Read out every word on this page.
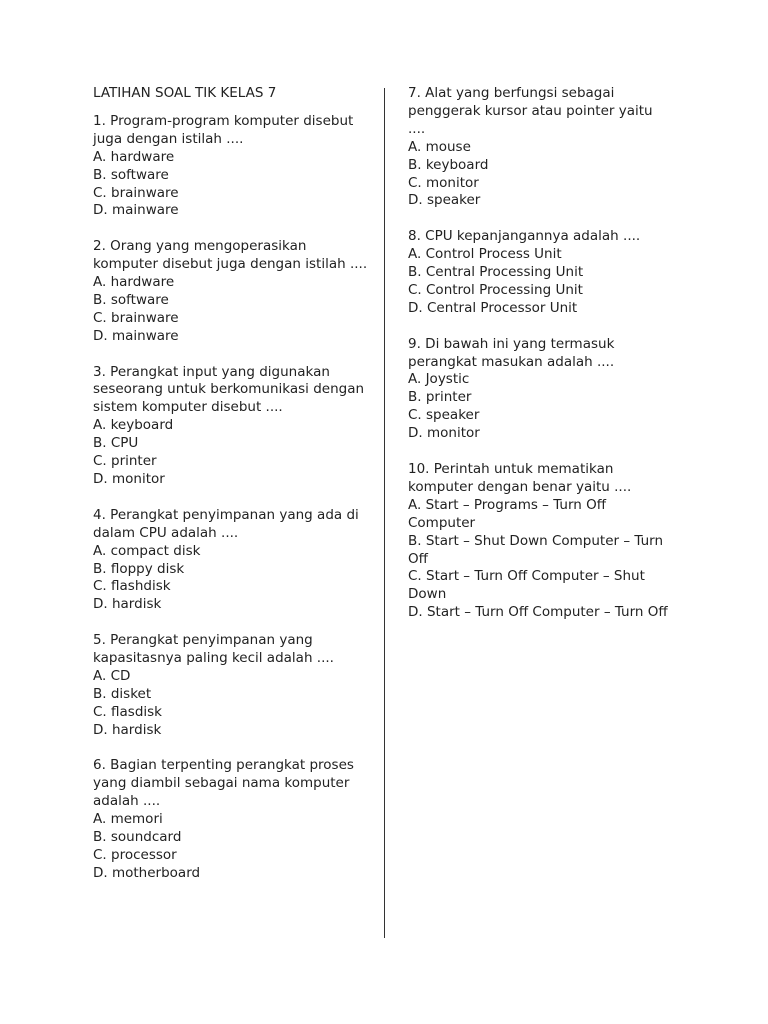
LATIHAN SOAL TIK KELAS 7

1. Program-program komputer disebut juga dengan istilah ....

A. hardware

B. software

C. brainware

D. mainware

2. Orang yang mengoperasikan komputer disebut juga dengan istilah ....

A. hardware

B. software

C. brainware

D. mainware

3. Perangkat input yang digunakan seseorang untuk berkomunikasi dengan sistem komputer disebut ....

A. keyboard

B. CPU

C. printer

D. monitor

4. Perangkat penyimpanan yang ada di dalam CPU adalah ....

A. compact disk

B. floppy disk

C. flashdisk

D. hardisk

5. Perangkat penyimpanan yang kapasitasnya paling kecil adalah ....

A. CD

B. disket

C. flasdisk

D. hardisk

6. Bagian terpenting perangkat proses yang diambil sebagai nama komputer adalah ....

A. memori

B. soundcard

C. processor

D. motherboard

7. Alat yang berfungsi sebagai penggerak kursor atau pointer yaitu ....

A. mouse

B. keyboard

C. monitor

D. speaker

8. CPU kepanjangannya adalah ....

A. Control Process Unit

B. Central Processing Unit

C. Control Processing Unit

D. Central Processor Unit

9. Di bawah ini yang termasuk perangkat masukan adalah ....

A. Joystic

B. printer

C. speaker

D. monitor

10. Perintah untuk mematikan komputer dengan benar yaitu ....

A. Start – Programs – Turn Off Computer

B. Start – Shut Down Computer – Turn Off

C. Start – Turn Off Computer – Shut Down

D. Start – Turn Off Computer – Turn Off
